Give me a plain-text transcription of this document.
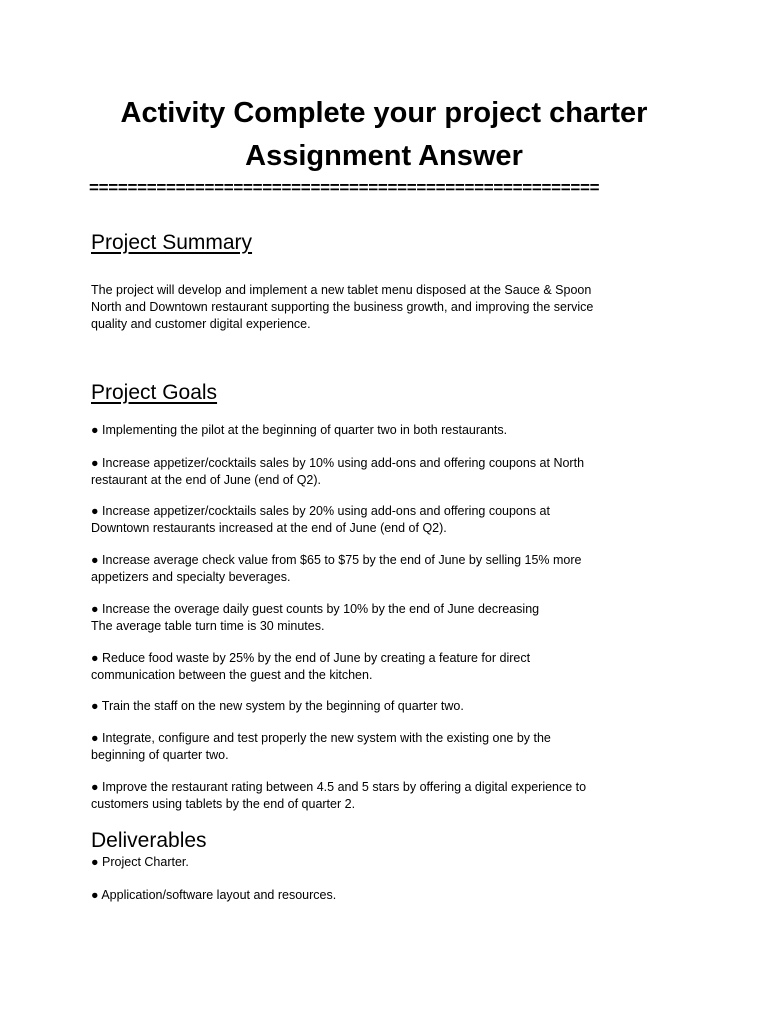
Activity Complete your project charter
Assignment Answer

=====================================================

Project Summary

The project will develop and implement a new tablet menu disposed at the Sauce & Spoon
North and Downtown restaurant supporting the business growth, and improving the service
quality and customer digital experience.

Project Goals

● Implementing the pilot at the beginning of quarter two in both restaurants.

● Increase appetizer/cocktails sales by 10% using add-ons and offering coupons at North
restaurant at the end of June (end of Q2).

● Increase appetizer/cocktails sales by 20% using add-ons and offering coupons at
Downtown restaurants increased at the end of June (end of Q2).

● Increase average check value from $65 to $75 by the end of June by selling 15% more
appetizers and specialty beverages.

● Increase the overage daily guest counts by 10% by the end of June decreasing
The average table turn time is 30 minutes.

● Reduce food waste by 25% by the end of June by creating a feature for direct
communication between the guest and the kitchen.

● Train the staff on the new system by the beginning of quarter two.

● Integrate, configure and test properly the new system with the existing one by the
beginning of quarter two.

● Improve the restaurant rating between 4.5 and 5 stars by offering a digital experience to
customers using tablets by the end of quarter 2.

Deliverables

● Project Charter.

● Application/software layout and resources.
